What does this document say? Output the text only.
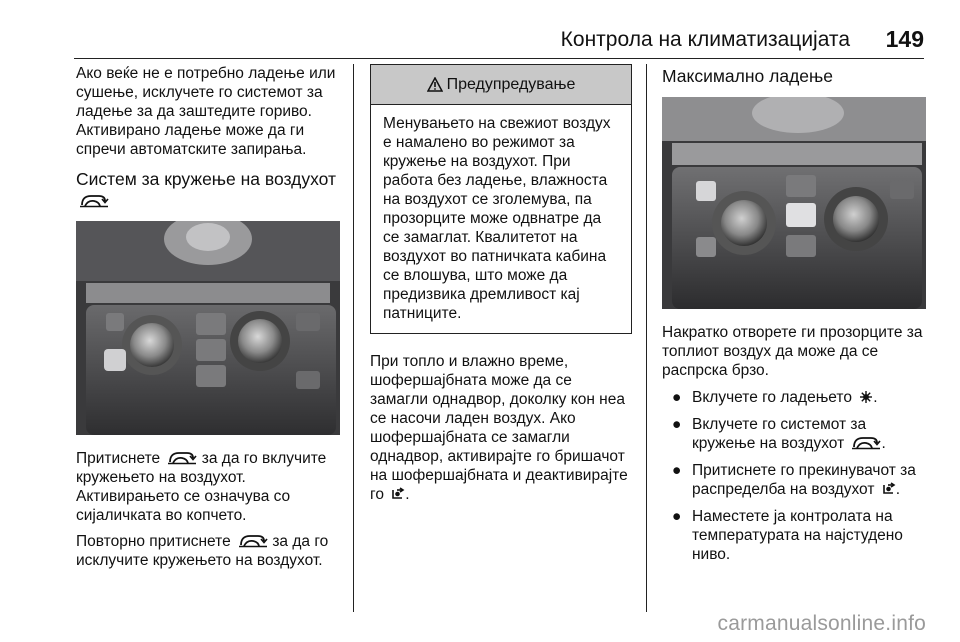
Контрола на климатизацијата 149

Ако веќе не е потребно ладење или сушење, исклучете го системот за ладење за да заштедите гориво. Активирано ладење може да ги спречи автоматските запирања.

Систем за кружење на воздухот

Притиснете	за да го вклучите кружењето на воздухот. Активирањето се означува со сијаличката во копчето.

Повторно притиснете	за да го исклучите кружењето на воздухот.

Предупредување
Менувањето на свежиот воздух е намалено во режимот за кружење на воздухот. При работа без ладење, влажноста на воздухот се зголемува, па прозорците може одвнатре да се замаглат. Квалитетот на воздухот во патничката кабина се влошува, што може да предизвика дремливост кај патниците.

При топло и влажно време, шофершајбната може да се замагли однадвор, доколку кон неа се насочи ладен воздух. Ако шофершајбната се замагли однадвор, активирајте го бришачот на шофершајбната и деактивирајте го .

Максимално ладење

Накратко отворете ги прозорците за топлиот воздух да може да се распрска брзо.

● Вклучете го ладењето .
● Вклучете го системот за кружење на воздухот .
● Притиснете го прекинувачот за распределба на воздухот .
● Наместете ја контролата на температурата на најстудено ниво.
carmanualsonline.info
